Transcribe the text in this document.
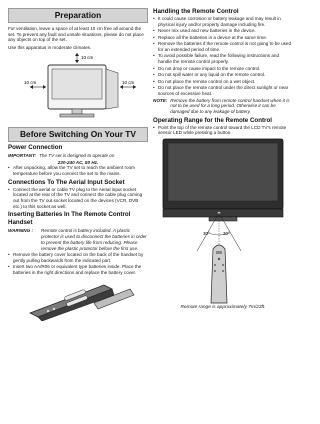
Preparation

For ventilation, leave a space of at least 10 cm free all around the set. To prevent any fault and unsafe situations, please do not place any objects on top of the set.

Use this apparatus in moderate climates.

10 cm
10 cm	10 cm
Before Switching On Your TV
Power Connection
IMPORTANT: The TV set is designed to operate on

220-240 AC, 50 Hz.

• After unpacking, allow the TV set to reach the ambient room temperature before you connect the set to the mains.
Connections To The Aerial Input Socket
• Connect the aerial or cable TV plug to the Aerial input socket located at the rear of the TV and connect the cable plug coming out from the TV out socket located on the devices (VCR, DVB etc.) to this socket as well.
Inserting Batteries In The Remote Control Handset
WARNING :	Remote control is battery included. A plastic protector is used to disconnect the batteries in order to prevent the battery life from reducing. Please remove the plastic protector before the first use.
• Remove the battery cover located on the back of the handset by gently pulling backwards from the indicated part.
• Insert two AA/R06 or equivalent type batteries inside. Place the batteries in the right directions and replace the battery cover.
Handling the Remote Control
• It could cause corrosion or battery leakage and may result in physical injury and/or property damage including fire.
• Never mix used and new batteries in the device.
• Replace all the batteries in a device at the same time.
• Remove the batteries if the remote control is not going to be used for an extended period of time.
• To avoid possible failure, read the following instructions and handle the remote control properly.
• Do not drop or cause impact to the remote control.
• Do not spill water or any liquid on the remote control.
• Do not place the remote control on a wet object.
• Do not place the remote control under the direct sunlight or near sources of excessive heat.
NOTE: Remove the battery from remote control handset when it is not to be used for a long period. Otherwise it can be damaged due to any leakage of battery.
Operating Range for the Remote Control
• Point the top of the remote control toward the LCD TV's remote sensor LED while pressing a button.
30°	30°

Remote range is approximately 7m/23ft.
